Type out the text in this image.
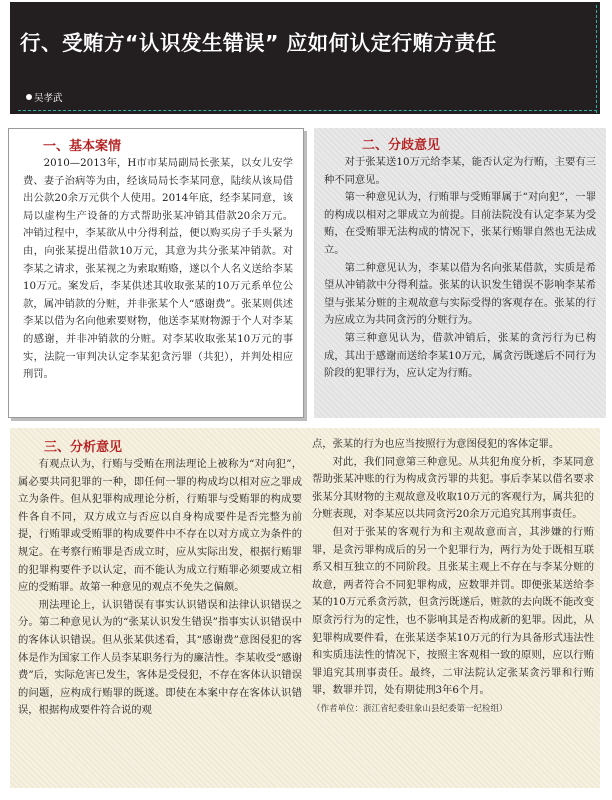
行、受贿方“认识发生错误” 应如何认定行贿方责任
吴孝武
一、基本案情

2010—2013年，H市市某局副局长张某，以女儿安学费、妻子治病等为由，经该局局长李某同意，陆续从该局借出公款20余万元供个人使用。2014年底，经李某同意，该局以虚构生产设备的方式帮助张某冲销其借款20余万元。冲销过程中，李某欲从中分得利益，便以购买房子手头紧为由，向张某提出借款10万元，其意为共分张某冲销款。对李某之请求，张某视之为索取贿赂，遂以个人名义送给李某10万元。案发后，李某供述其收取张某的10万元系单位公款，属冲销款的分赃，并非张某个人“感谢费”。张某则供述李某以借为名向他索要财物，他送李某财物源于个人对李某的感谢，并非冲销款的分赃。对李某收取张某10万元的事实，法院一审判决认定李某犯贪污罪（共犯），并判处相应刑罚。

二、分歧意见

对于张某送10万元给李某，能否认定为行贿，主要有三种不同意见。

第一种意见认为，行贿罪与受贿罪属于“对向犯”，一罪的构成以相对之罪成立为前提。目前法院没有认定李某为受贿，在受贿罪无法构成的情况下，张某行贿罪自然也无法成立。

第二种意见认为，李某以借为名向张某借款，实质是希望从冲销款中分得利益。张某的认识发生错误不影响李某希望与张某分赃的主观故意与实际受得的客观存在。张某的行为应成立为共同贪污的分赃行为。

第三种意见认为，借款冲销后，张某的贪污行为已构成，其出于感谢而送给李某10万元，属贪污既遂后不同行为阶段的犯罪行为，应认定为行贿。

三、分析意见

有观点认为，行贿与受贿在刑法理论上被称为“对向犯”，属必要共同犯罪的一种，即任何一罪的构成均以相对应之罪成立为条件。但从犯罪构成理论分析，行贿罪与受贿罪的构成要件各自不同，双方成立与否应以自身构成要件是否完整为前提，行贿罪或受贿罪的构成要件中不存在以对方成立为条件的规定。在考察行贿罪是否成立时，应从实际出发，根据行贿罪的犯罪构要件予以认定，而不能认为成立行贿罪必须要成立相应的受贿罪。故第一种意见的观点不免失之偏颇。

刑法理论上，认识错误有事实认识错误和法律认识错误之分。第二种意见认为的“张某认识发生错误”指事实认识错误中的客体认识错误。但从张某供述看，其“感谢费”意图侵犯的客体是作为国家工作人员李某职务行为的廉洁性。李某收受“感谢费”后，实际危害已发生，客体是受侵犯，不存在客体认识错误的问题，应构成行贿罪的既遂。即使在本案中存在客体认识错误，根据构成要件符合说的观

点，张某的行为也应当按照行为意图侵犯的客体定罪。

对此，我们同意第三种意见。从共犯角度分析，李某同意帮助张某冲账的行为构成贪污罪的共犯。事后李某以借名要求张某分其财物的主观故意及收取10万元的客观行为，属共犯的分赃表现，对李某应以共同贪污20余万元追究其刑事责任。

但对于张某的客观行为和主观故意而言，其涉嫌的行贿罪，是贪污罪构成后的另一个犯罪行为，两行为处于既相互联系又相互独立的不同阶段。且张某主观上不存在与李某分赃的故意，两者符合不同犯罪构成，应数罪并罚。即便张某送给李某的10万元系贪污款，但贪污既遂后，赃款的去向既不能改变原贪污行为的定性，也不影响其是否构成新的犯罪。因此，从犯罪构成要件看，在张某送李某10万元的行为具备形式违法性和实质违法性的情况下，按照主客观相一致的原则，应以行贿罪追究其刑事责任。最终，二审法院认定张某贪污罪和行贿罪，数罪并罚，处有期徒刑3年6个月。

（作者单位：浙江省纪委驻象山县纪委第一纪检组）
